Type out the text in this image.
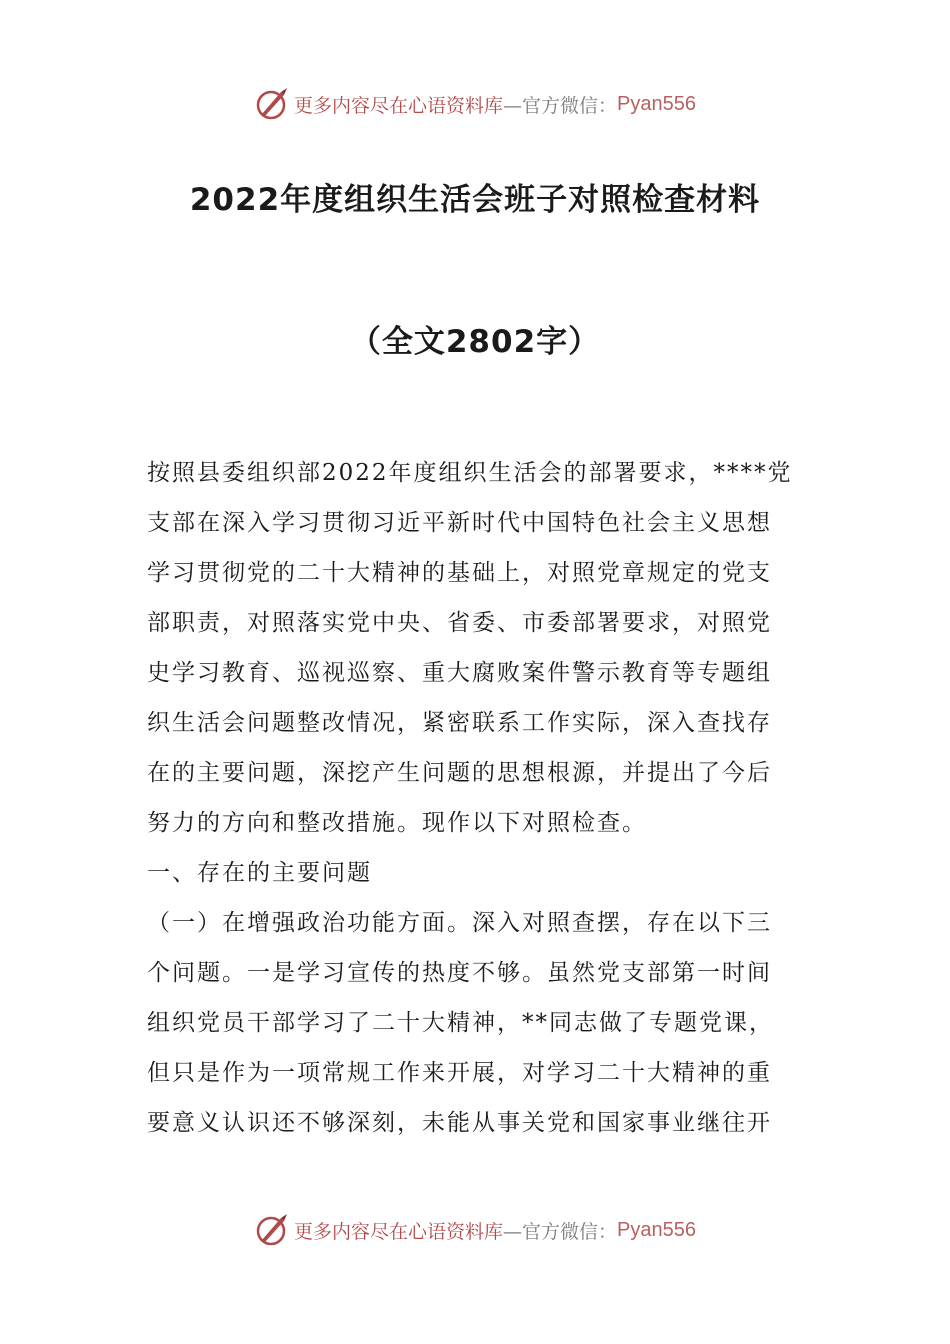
更多内容尽在心语资料库 —官方微信： Pyan556
2022年度组织生活会班子对照检查材料
（全文2802字）
按照县委组织部2022年度组织生活会的部署要求，****党
支部在深入学习贯彻习近平新时代中国特色社会主义思想
学习贯彻党的二十大精神的基础上，对照党章规定的党支
部职责，对照落实党中央、省委、市委部署要求，对照党
史学习教育、巡视巡察、重大腐败案件警示教育等专题组
织生活会问题整改情况，紧密联系工作实际，深入查找存
在的主要问题，深挖产生问题的思想根源，并提出了今后
努力的方向和整改措施。现作以下对照检查。
一、存在的主要问题
（一）在增强政治功能方面。深入对照查摆，存在以下三
个问题。一是学习宣传的热度不够。虽然党支部第一时间
组织党员干部学习了二十大精神，**同志做了专题党课，
但只是作为一项常规工作来开展，对学习二十大精神的重
要意义认识还不够深刻，未能从事关党和国家事业继往开
更多内容尽在心语资料库 —官方微信： Pyan556
